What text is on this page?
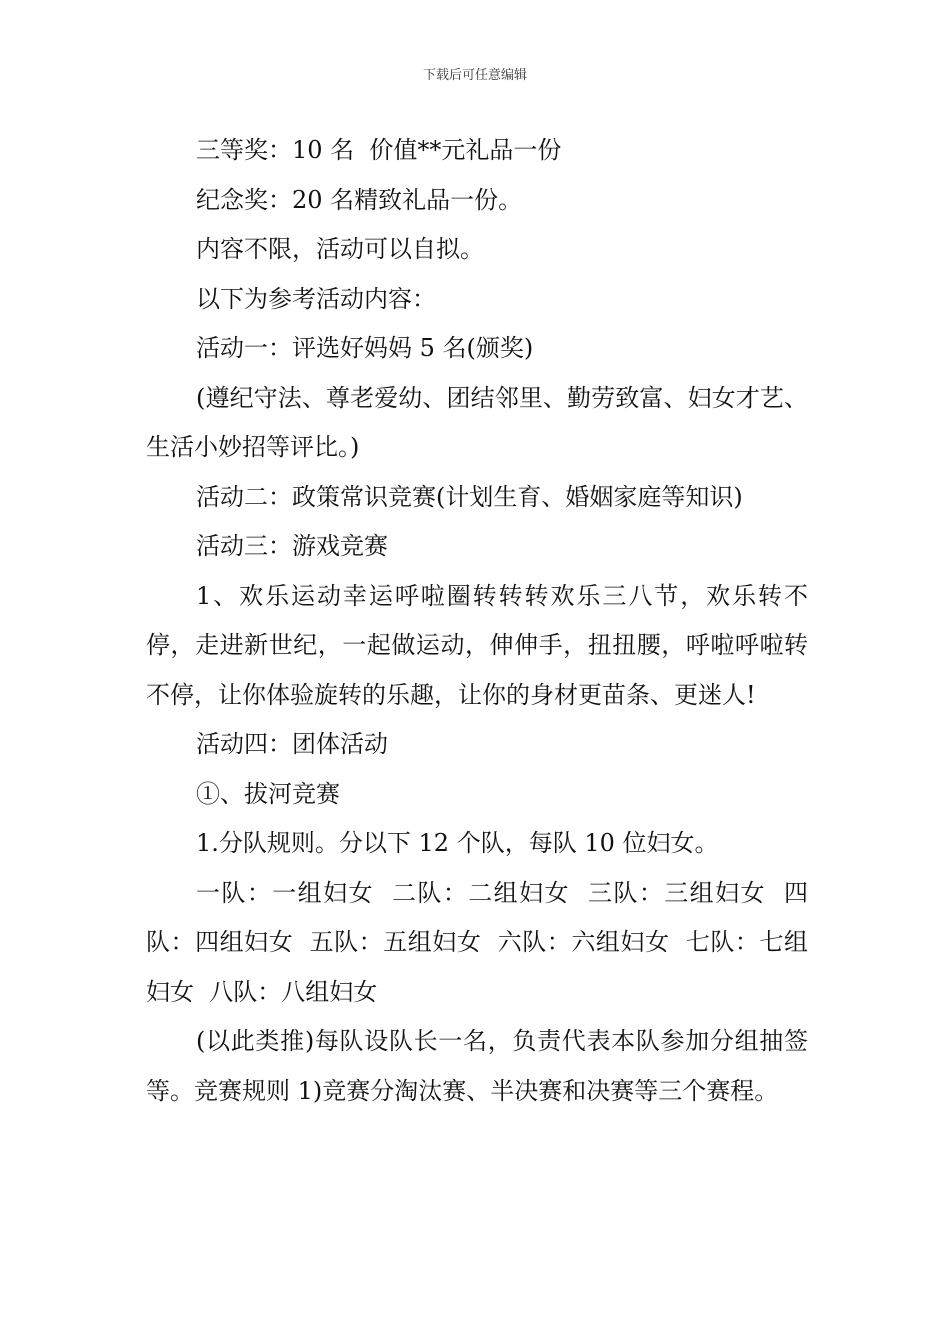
下载后可任意编辑

三等奖：10 名  价值**元礼品一份

纪念奖：20 名精致礼品一份。

内容不限，活动可以自拟。

以下为参考活动内容：

活动一：评选好妈妈 5 名(颁奖)

(遵纪守法、尊老爱幼、团结邻里、勤劳致富、妇女才艺、生活小妙招等评比。)

活动二：政策常识竞赛(计划生育、婚姻家庭等知识)

活动三：游戏竞赛

1、欢乐运动幸运呼啦圈转转转欢乐三八节，欢乐转不停，走进新世纪，一起做运动，伸伸手，扭扭腰，呼啦呼啦转不停，让你体验旋转的乐趣，让你的身材更苗条、更迷人!

活动四：团体活动

①、拔河竞赛

1.分队规则。分以下 12 个队，每队 10 位妇女。

一队：一组妇女  二队：二组妇女  三队：三组妇女  四队：四组妇女  五队：五组妇女  六队：六组妇女  七队：七组妇女  八队：八组妇女

(以此类推)每队设队长一名，负责代表本队参加分组抽签等。竞赛规则 1)竞赛分淘汰赛、半决赛和决赛等三个赛程。
